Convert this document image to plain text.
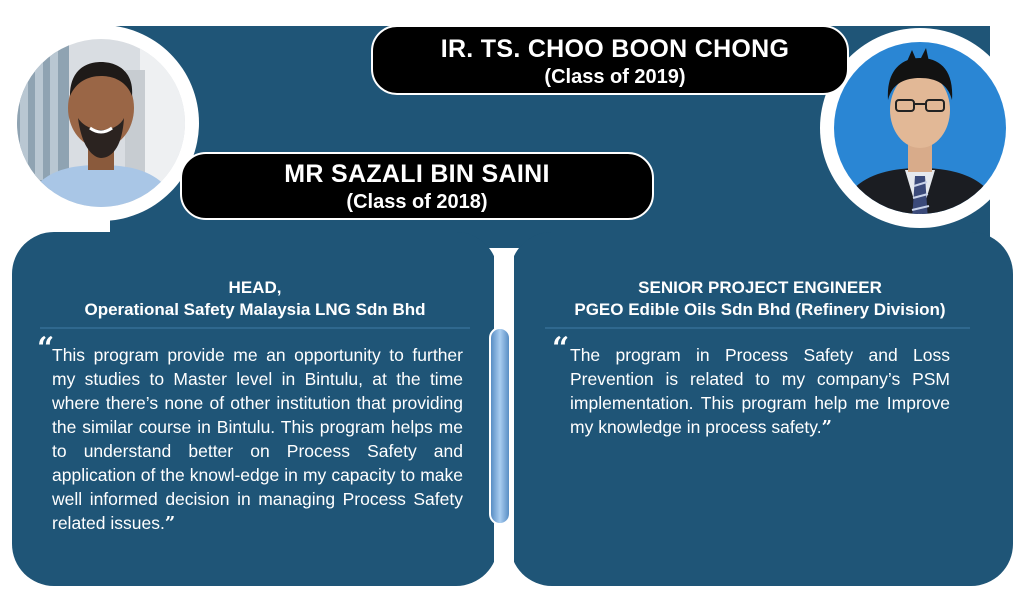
IR. TS. CHOO BOON CHONG
(Class of 2019)
MR SAZALI BIN SAINI
(Class of 2018)
HEAD,
Operational Safety Malaysia LNG Sdn Bhd
“
This program provide me an opportunity to further my studies to Master level in Bintulu, at the time where there’s none of other institution that providing the similar course in Bintulu. This program helps me to understand better on Process Safety and application of the knowl-edge in my capacity to make well informed decision in managing Process Safety related issues.”
SENIOR PROJECT ENGINEER
PGEO Edible Oils Sdn Bhd (Refinery Division)
“ The program in Process Safety and Loss Prevention is related to my company’s PSM implementation. This program help me Improve my knowledge in process safety.”
